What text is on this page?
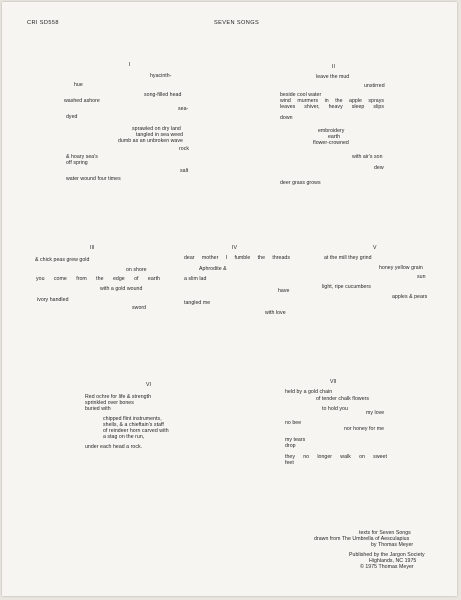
CRI SD558	SEVEN SONGS
I
hyacinth-
hue
song-filled head
washed ashore
sea-
dyed
sprawled on dry land
tangled in sea weed
dumb as an unbroken wave
rock
& hoary sea's
off spring
salt
water wound four times
II
leave the mud
unstirred
beside cool water
wind murmers in the apple sprays
leaves shiver, heavy sleep slips
down
embroidery
earth
flower-crowned
with air's son
dew
deer grass grows
III
& chick peas grew gold
on shore
you come from the edge of earth
with a gold wound
ivory handled
sword
IV
dear mother I fumble the threads
Aphrodite &
a slim lad
have
tangled me
with love
V
at the mill they grind
honey yellow grain
sun
light, ripe cucumbers
apples & pears
VI
Red ochre for life & strength
sprinkled over bones
buried with
chipped flint instruments,
shells, & a chieftain's staff
of reindeer horn carved with
a stag on the run,
under each head a rock.
VII
held by a gold chain
of tender chalk flowers
to hold you
my love
no bee
nor honey for me
my tears
drop
they no longer walk on sweet
feet
texts for Seven Songs
drawn from The Umbrella of Aesculapius
by Thomas Meyer
Published by the Jargon Society
Highlands, NC 1975
© 1975 Thomas Meyer
